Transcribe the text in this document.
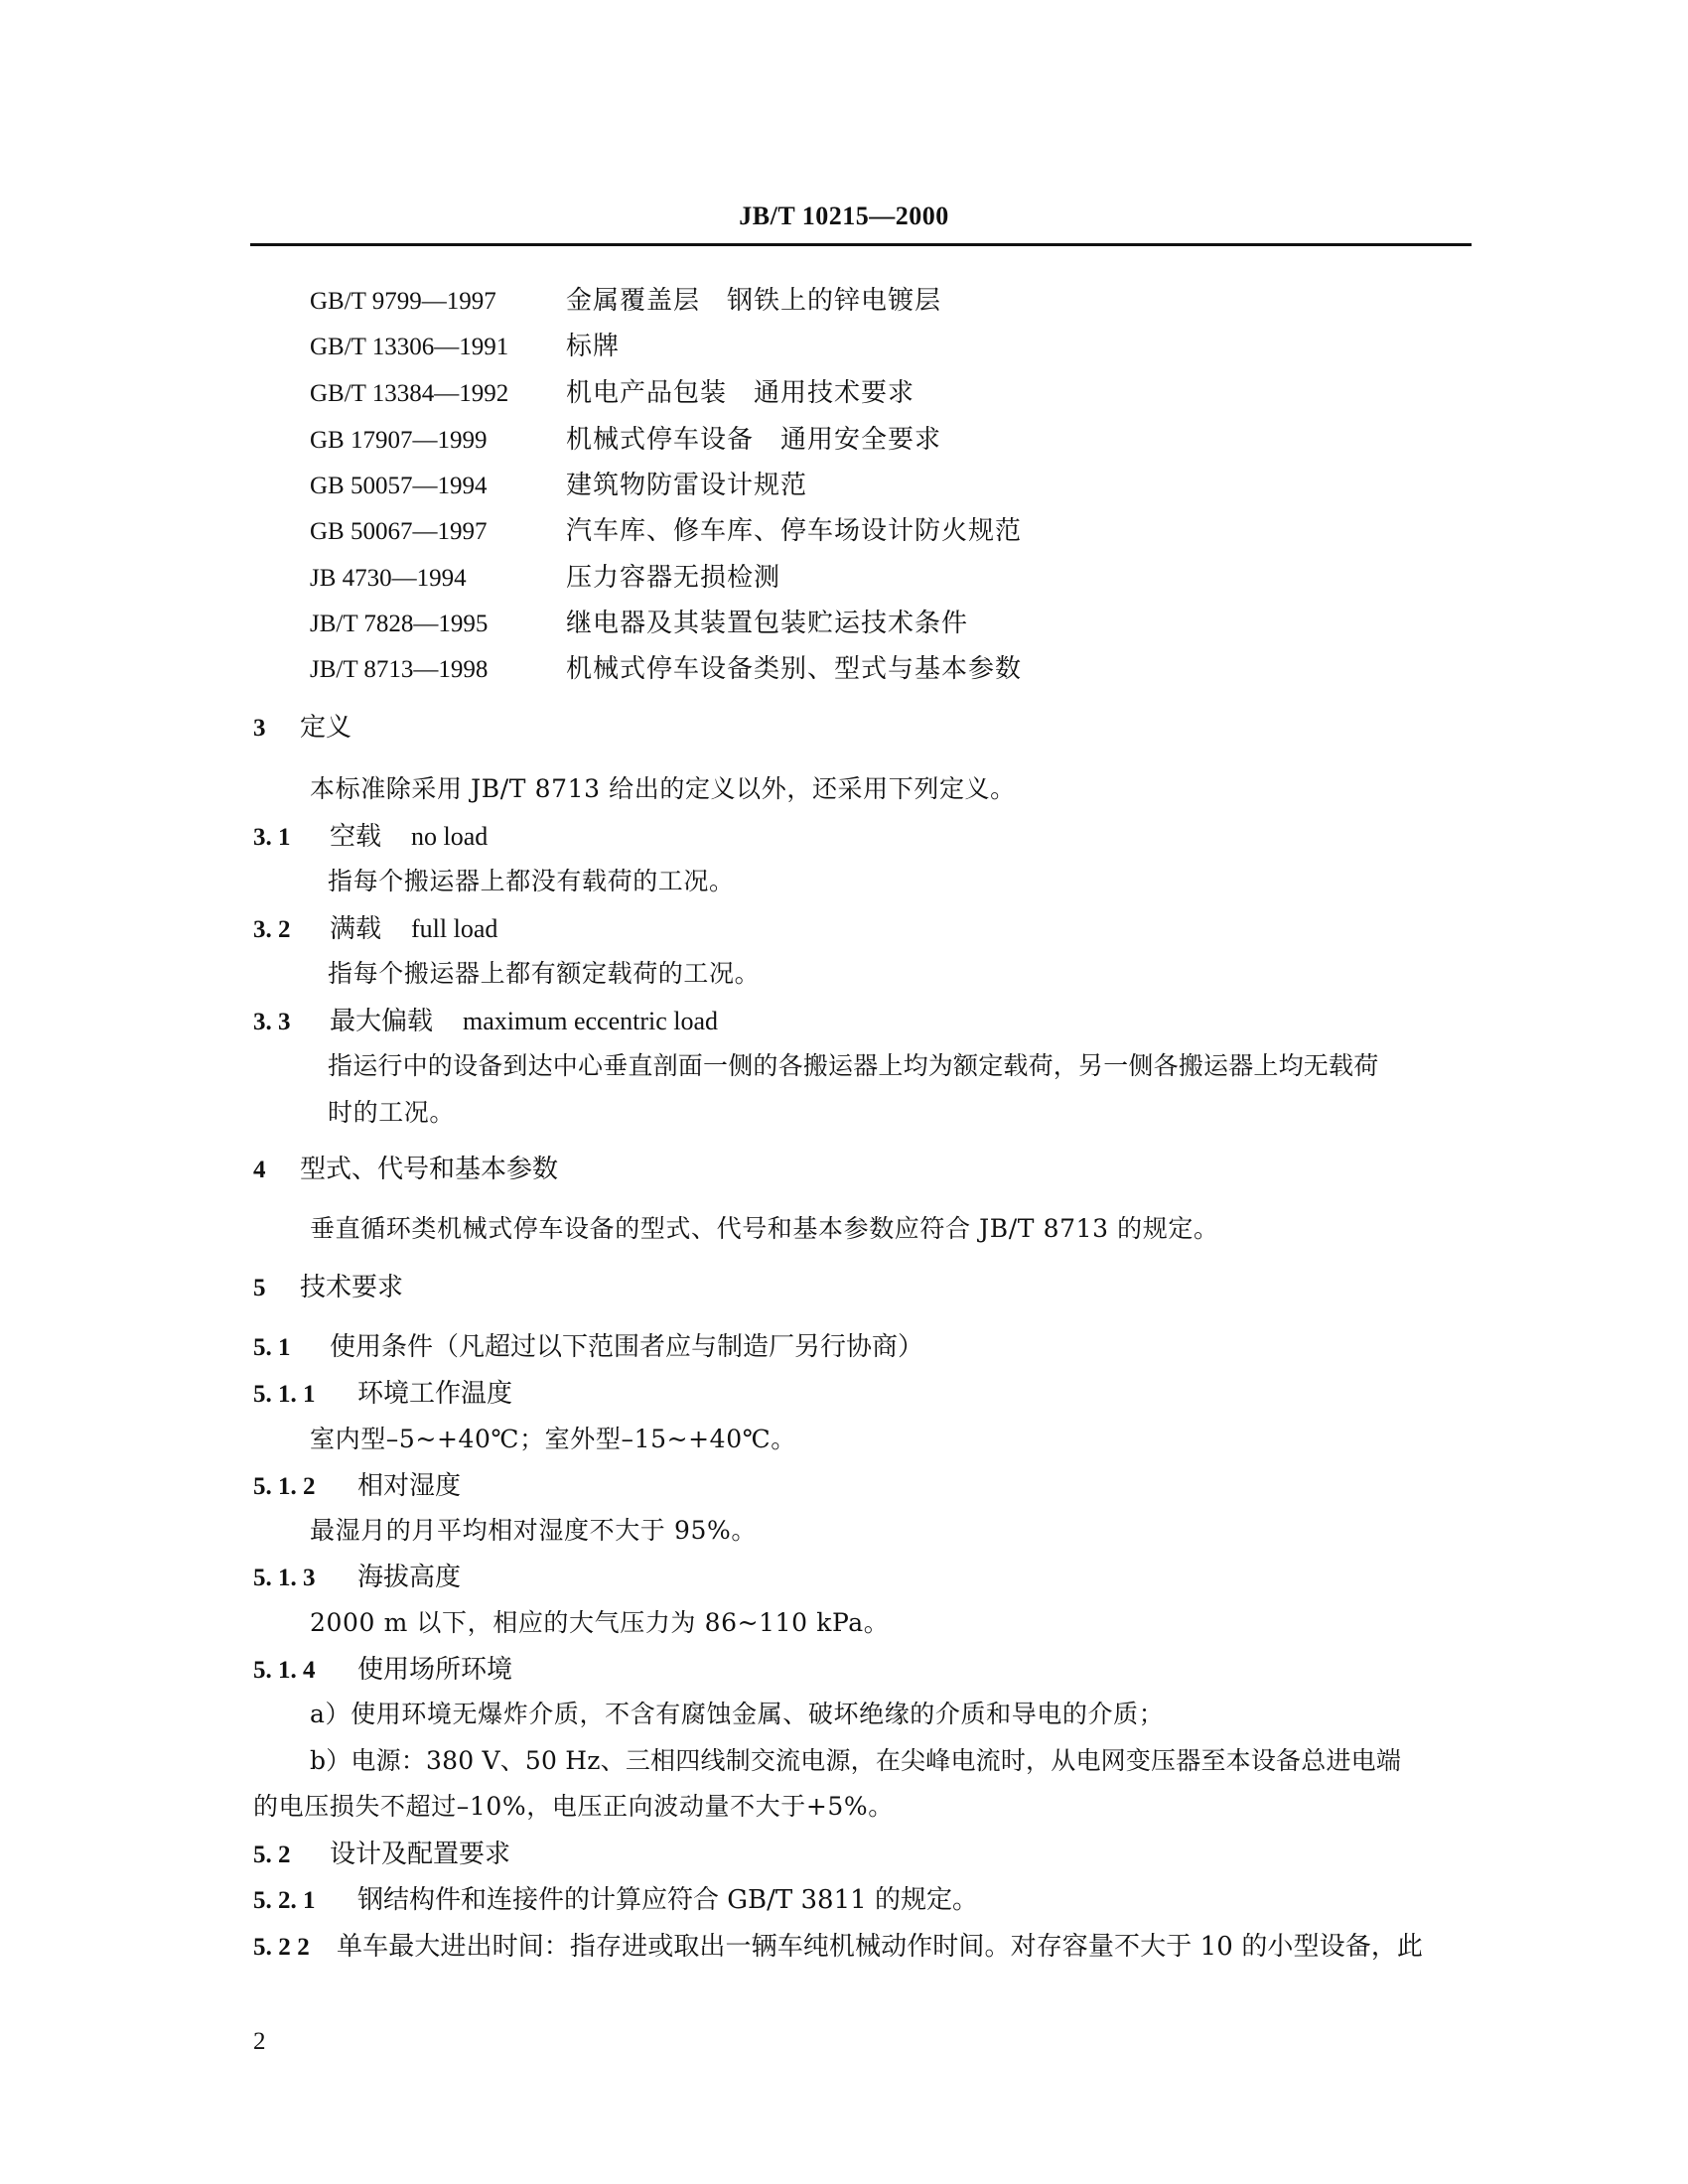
JB/T 10215—2000
GB/T 9799—1997	金属覆盖层　钢铁上的锌电镀层
GB/T 13306—1991 标牌
GB/T 13384—1992 机电产品包装　通用技术要求
GB 17907—1999	机械式停车设备　通用安全要求
GB 50057—1994	建筑物防雷设计规范
GB 50067—1997	汽车库、修车库、停车场设计防火规范
JB 4730—1994	压力容器无损检测
JB/T 7828—1995	继电器及其装置包装贮运技术条件
JB/T 8713—1998	机械式停车设备类别、型式与基本参数
3 定义
本标准除采用 JB/T 8713 给出的定义以外，还采用下列定义。
3. 1 空载 no load
指每个搬运器上都没有载荷的工况。
3. 2 满载 full load
指每个搬运器上都有额定载荷的工况。
3. 3 最大偏载 maximum eccentric load
指运行中的设备到达中心垂直剖面一侧的各搬运器上均为额定载荷，另一侧各搬运器上均无载荷
时的工况。
4 型式、代号和基本参数
垂直循环类机械式停车设备的型式、代号和基本参数应符合 JB/T 8713 的规定。
5 技术要求
5. 1 使用条件（凡超过以下范围者应与制造厂另行协商）
5. 1. 1 环境工作温度
室内型–5~+40℃；室外型–15~+40℃。
5. 1. 2 相对湿度
最湿月的月平均相对湿度不大于 95%。
5. 1. 3 海拔高度
2000 m 以下，相应的大气压力为 86~110 kPa。
5. 1. 4 使用场所环境
a）使用环境无爆炸介质，不含有腐蚀金属、破坏绝缘的介质和导电的介质；
b）电源：380 V、50 Hz、三相四线制交流电源，在尖峰电流时，从电网变压器至本设备总进电端
的电压损失不超过–10%，电压正向波动量不大于+5%。
5. 2 设计及配置要求
5. 2. 1 钢结构件和连接件的计算应符合 GB/T 3811 的规定。
5. 2 2 单车最大进出时间：指存进或取出一辆车纯机械动作时间。对存容量不大于 10 的小型设备，此
2
